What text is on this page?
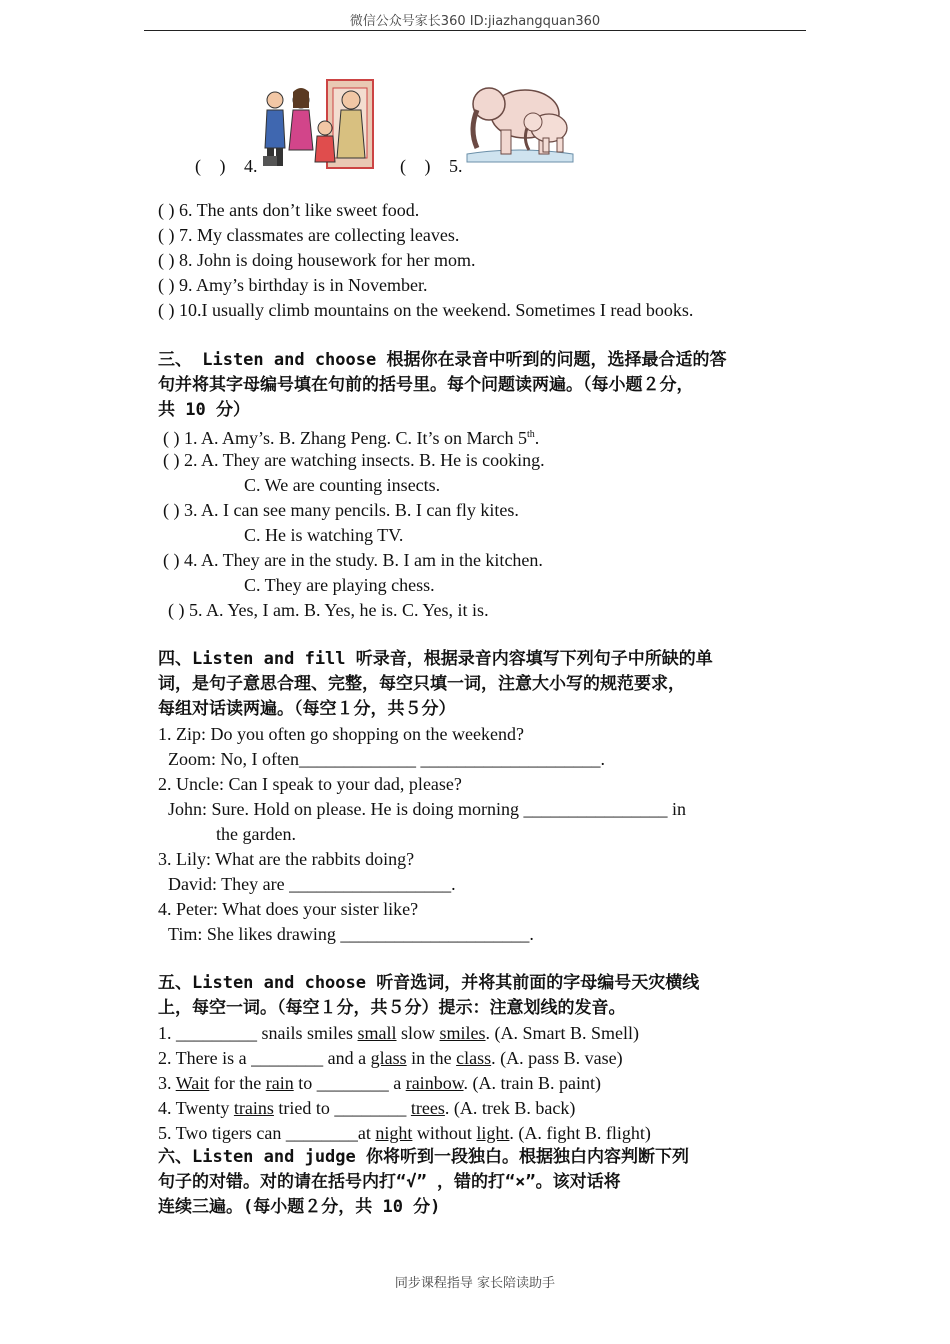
微信公众号家长360 ID:jiazhangquan360
( ) 4.	( ) 5.
( ) 6. The ants don’t like sweet food.
( ) 7. My classmates are collecting leaves.
( ) 8. John is doing housework for her mom.
( ) 9. Amy’s birthday is in November.
( ) 10.I usually climb mountains on the weekend. Sometimes I read books.
三、 Listen and choose 根据你在录音中听到的问题，选择最合适的答
句并将其字母编号填在句前的括号里。每个问题读两遍。（每小题２分，
共 10 分）
( ) 1. A. Amy’s. B. Zhang Peng. C. It’s on March 5th.
( ) 2. A. They are watching insects. B. He is cooking.
C. We are counting insects.
( ) 3. A. I can see many pencils. B. I can fly kites.
C. He is watching TV.
( ) 4. A. They are in the study. B. I am in the kitchen.
C. They are playing chess.
( ) 5. A. Yes, I am. B. Yes, he is. C. Yes, it is.
四、Listen and fill 听录音，根据录音内容填写下列句子中所缺的单
词，是句子意思合理、完整，每空只填一词，注意大小写的规范要求，
每组对话读两遍。（每空１分，共５分）
1. Zip: Do you often go shopping on the weekend?
Zoom: No, I often_____________ ____________________.
2. Uncle: Can I speak to your dad, please?
John: Sure. Hold on please. He is doing morning ________________ in
the garden.
3. Lily: What are the rabbits doing?
David: They are __________________.
4. Peter: What does your sister like?
Tim: She likes drawing _____________________.
五、Listen and choose 听音选词，并将其前面的字母编号天灾横线
上，每空一词。（每空１分，共５分）提示：注意划线的发音。
1. _________ snails smiles small slow smiles. (A. Smart B. Smell)
2. There is a ________ and a glass in the class. (A. pass B. vase)
3. Wait for the rain to ________ a rainbow. (A. train B. paint)
4. Twenty trains tried to ________ trees. (A. trek B. back)
5. Two tigers can ________at night without light. (A. fight B. flight)
六、Listen and judge 你将听到一段独白。根据独白内容判断下列
句子的对错。对的请在括号内打“√” ，错的打“×”。该对话将
连续三遍。(每小题２分，共 10 分)
同步课程指导 家长陪读助手
